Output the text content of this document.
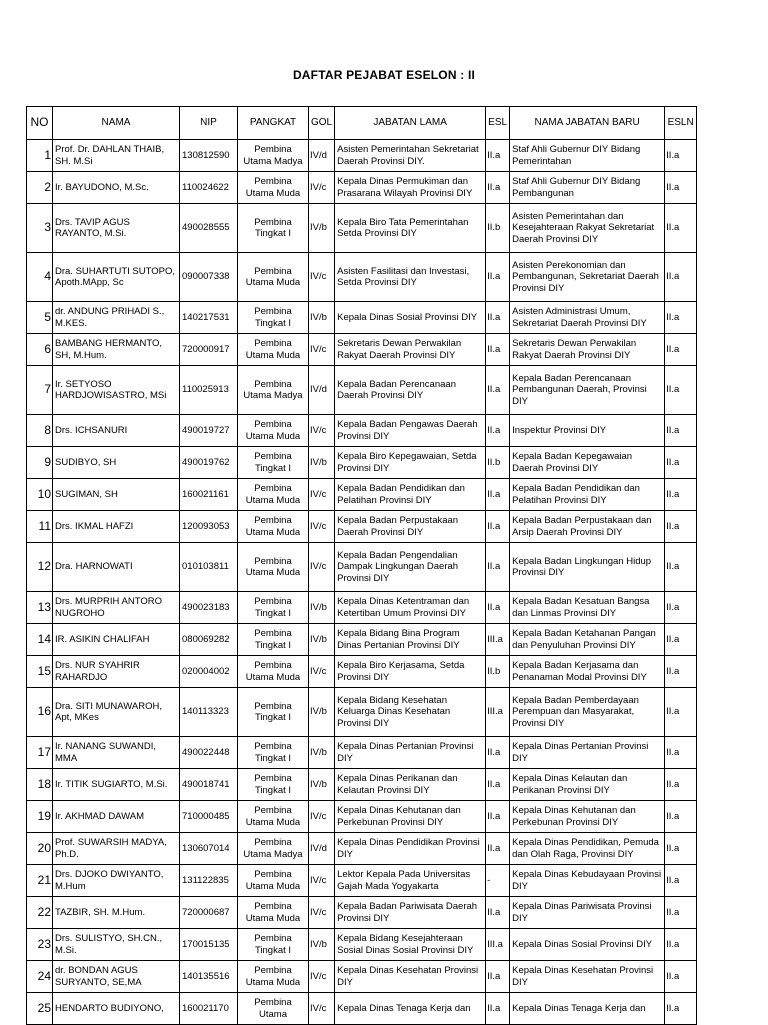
DAFTAR PEJABAT ESELON : II
NO	NAMA	NIP	PANGKAT	GOL	JABATAN LAMA	ESL	NAMA JABATAN BARU	ESLN
1	Prof. Dr. DAHLAN THAIB, SH. M.Si	130812590	Pembina Utama Madya	IV/d	Asisten Pemerintahan Sekretariat Daerah Provinsi DIY.	II.a	Staf Ahli Gubernur DIY Bidang Pemerintahan	II.a
2	Ir. BAYUDONO, M.Sc.	110024622	Pembina Utama Muda	IV/c	Kepala Dinas Permukiman dan Prasarana Wilayah Provinsi DIY	II.a	Staf Ahli Gubernur DIY Bidang Pembangunan	II.a
3	Drs. TAVIP AGUS RAYANTO, M.Si.	490028555	Pembina Tingkat I	IV/b	Kepala Biro Tata Pemerintahan Setda Provinsi DIY	II.b	Asisten Pemerintahan dan Kesejahteraan Rakyat Sekretariat Daerah Provinsi DIY	II.a
4	Dra. SUHARTUTI SUTOPO, Apoth.MApp, Sc	090007338	Pembina Utama Muda	IV/c	Asisten Fasilitasi dan Investasi, Setda Provinsi DIY	II.a	Asisten Perekonomian dan Pembangunan, Sekretariat Daerah Provinsi DIY	II.a
5	dr. ANDUNG PRIHADI S., M.KES.	140217531	Pembina Tingkat I	IV/b	Kepala Dinas Sosial Provinsi DIY	II.a	Asisten Administrasi Umum, Sekretariat Daerah Provinsi DIY	II.a
6	BAMBANG HERMANTO, SH, M.Hum.	720000917	Pembina Utama Muda	IV/c	Sekretaris Dewan Perwakilan Rakyat Daerah Provinsi DIY	II.a	Sekretaris Dewan Perwakilan Rakyat Daerah Provinsi DIY	II.a
7	Ir. SETYOSO HARDJOWISASTRO, MSi	110025913	Pembina Utama Madya	IV/d	Kepala Badan Perencanaan Daerah Provinsi DIY	II.a	Kepala Badan Perencanaan Pembangunan Daerah, Provinsi DIY	II.a
8	Drs. ICHSANURI	490019727	Pembina Utama Muda	IV/c	Kepala Badan Pengawas Daerah Provinsi DIY	II.a	Inspektur Provinsi DIY	II.a
9	SUDIBYO, SH	490019762	Pembina Tingkat I	IV/b	Kepala Biro Kepegawaian, Setda Provinsi DIY	II.b	Kepala Badan Kepegawaian Daerah Provinsi DIY	II.a
10	SUGIMAN, SH	160021161	Pembina Utama Muda	IV/c	Kepala Badan Pendidikan dan Pelatihan Provinsi DIY	II.a	Kepala Badan Pendidikan dan Pelatihan Provinsi DIY	II.a
11	Drs. IKMAL HAFZI	120093053	Pembina Utama Muda	IV/c	Kepala Badan Perpustakaan Daerah Provinsi DIY	II.a	Kepala Badan Perpustakaan dan Arsip Daerah Provinsi DIY	II.a
12	Dra. HARNOWATI	010103811	Pembina Utama Muda	IV/c	Kepala Badan Pengendalian Dampak Lingkungan Daerah Provinsi DIY	II.a	Kepala Badan Lingkungan Hidup Provinsi DIY	II.a
13	Drs. MURPRIH ANTORO NUGROHO	490023183	Pembina Tingkat I	IV/b	Kepala Dinas Ketentraman dan Ketertiban Umum Provinsi DIY	II.a	Kepala Badan Kesatuan Bangsa dan Linmas Provinsi DIY	II.a
14	IR. ASIKIN CHALIFAH	080069282	Pembina Tingkat I	IV/b	Kepala Bidang Bina Program Dinas Pertanian Provinsi DIY	III.a	Kepala Badan Ketahanan Pangan dan Penyuluhan Provinsi DIY	II.a
15	Drs. NUR SYAHRIR RAHARDJO	020004002	Pembina Utama Muda	IV/c	Kepala Biro Kerjasama, Setda Provinsi DIY	II.b	Kepala Badan Kerjasama dan Penanaman Modal Provinsi DIY	II.a
16	Dra. SITI MUNAWAROH, Apt, MKes	140113323	Pembina Tingkat I	IV/b	Kepala Bidang Kesehatan Keluarga Dinas Kesehatan Provinsi DIY	III.a	Kepala Badan Pemberdayaan Perempuan dan Masyarakat, Provinsi DIY	II.a
17	Ir. NANANG SUWANDI, MMA	490022448	Pembina Tingkat I	IV/b	Kepala Dinas Pertanian Provinsi DIY	II.a	Kepala Dinas Pertanian Provinsi DIY	II.a
18	Ir. TITIK SUGIARTO, M.Si.	490018741	Pembina Tingkat I	IV/b	Kepala Dinas Perikanan dan Kelautan Provinsi DIY	II.a	Kepala Dinas Kelautan dan Perikanan Provinsi DIY	II.a
19	Ir. AKHMAD DAWAM	710000485	Pembina Utama Muda	IV/c	Kepala Dinas Kehutanan dan Perkebunan Provinsi DIY	II.a	Kepala Dinas Kehutanan dan Perkebunan Provinsi DIY	II.a
20	Prof. SUWARSIH MADYA, Ph.D.	130607014	Pembina Utama Madya	IV/d	Kepala Dinas Pendidikan Provinsi DIY	II.a	Kepala Dinas Pendidikan, Pemuda dan Olah Raga, Provinsi DIY	II.a
21	Drs. DJOKO DWIYANTO, M.Hum	131122835	Pembina Utama Muda	IV/c	Lektor Kepala Pada Universitas Gajah Mada Yogyakarta	-	Kepala Dinas Kebudayaan Provinsi DIY	II.a
22	TAZBIR, SH. M.Hum.	720000687	Pembina Utama Muda	IV/c	Kepala Badan Pariwisata Daerah Provinsi DIY	II.a	Kepala Dinas Pariwisata Provinsi DIY	II.a
23	Drs. SULISTYO, SH.CN., M.Si.	170015135	Pembina Tingkat I	IV/b	Kepala Bidang Kesejahteraan Sosial Dinas Sosial Provinsi DIY	III.a	Kepala Dinas Sosial Provinsi DIY	II.a
24	dr. BONDAN AGUS SURYANTO, SE,MA	140135516	Pembina Utama Muda	IV/c	Kepala Dinas Kesehatan Provinsi DIY	II.a	Kepala Dinas Kesehatan Provinsi DIY	II.a
25	HENDARTO BUDIYONO,	160021170	Pembina Utama	IV/c	Kepala Dinas Tenaga Kerja dan	II.a	Kepala Dinas Tenaga Kerja dan	II.a
